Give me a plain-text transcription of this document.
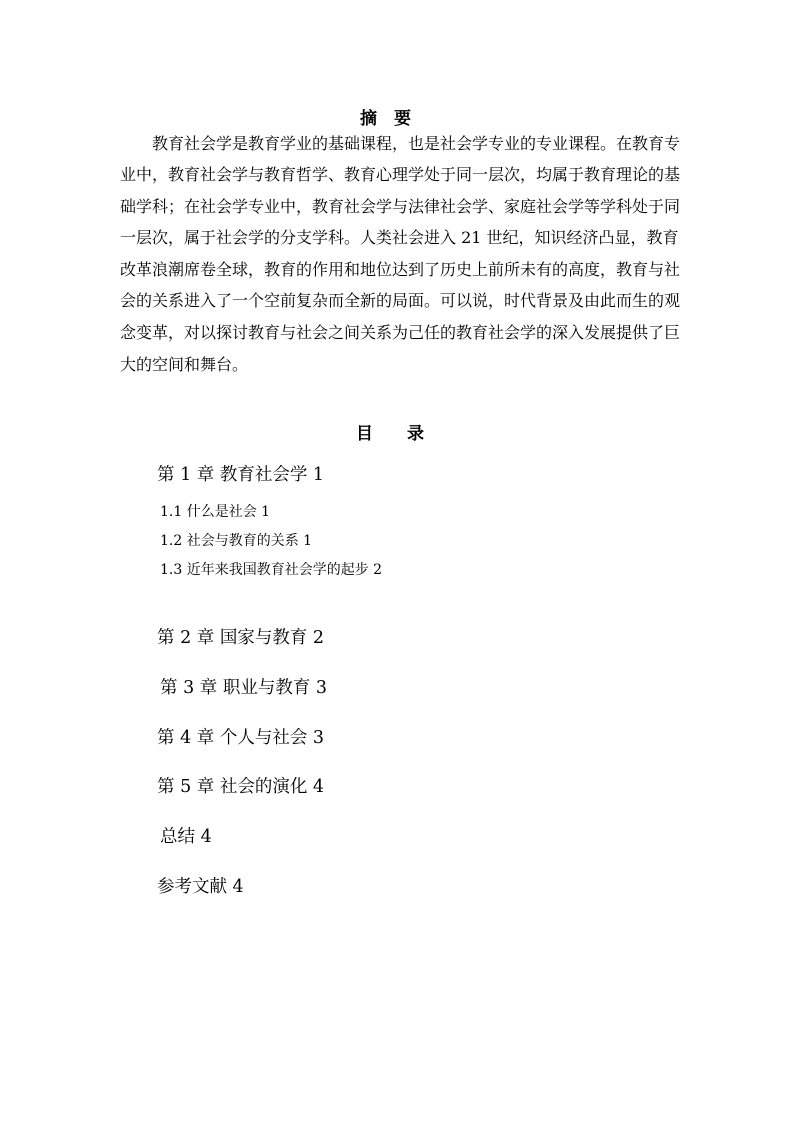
摘　要
　　教育社会学是教育学业的基础课程，也是社会学专业的专业课程。在教育专
业中，教育社会学与教育哲学、教育心理学处于同一层次，均属于教育理论的基
础学科；在社会学专业中，教育社会学与法律社会学、家庭社会学等学科处于同
一层次，属于社会学的分支学科。人类社会进入 21 世纪，知识经济凸显，教育
改革浪潮席卷全球，教育的作用和地位达到了历史上前所未有的高度，教育与社
会的关系进入了一个空前复杂而全新的局面。可以说，时代背景及由此而生的观
念变革，对以探讨教育与社会之间关系为己任的教育社会学的深入发展提供了巨
大的空间和舞台。
目　　录
第 1 章 教育社会学 1
1.1 什么是社会 1
1.2 社会与教育的关系 1
1.3 近年来我国教育社会学的起步 2
第 2 章 国家与教育 2
第 3 章 职业与教育 3
第 4 章 个人与社会 3
第 5 章 社会的演化 4
总结 4
参考文献 4
